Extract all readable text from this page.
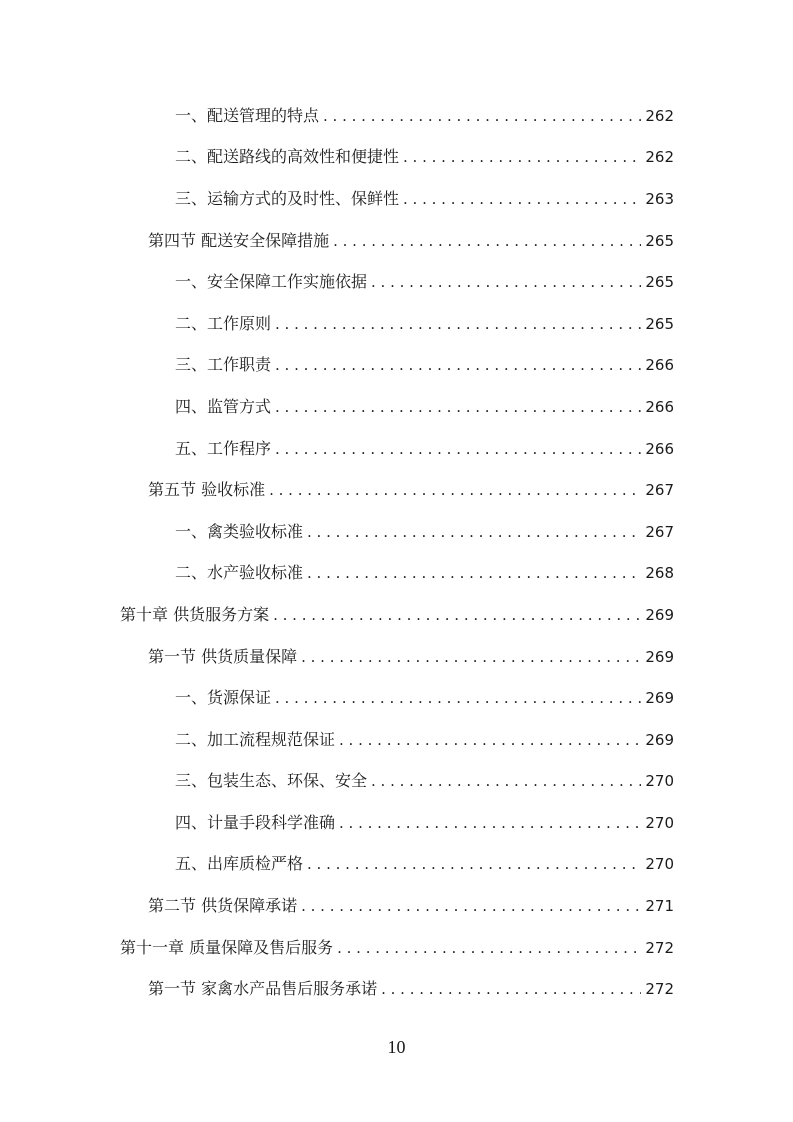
一、配送管理的特点 . . .	262
二、配送路线的高效性和便捷性 . . .	262
三、运输方式的及时性、保鲜性 . . .	263
第四节 配送安全保障措施 . . .	265
一、安全保障工作实施依据 . . .	265
二、工作原则 . . .	265
三、工作职责 . . .	266
四、监管方式 . . .	266
五、工作程序 . . .	266
第五节 验收标准 . . .	267
一、禽类验收标准 . . .	267
二、水产验收标准 . . .	268
第十章 供货服务方案 . . .	269
第一节 供货质量保障 . . .	269
一、货源保证 . . .	269
二、加工流程规范保证 . . .	269
三、包装生态、环保、安全 . . .	270
四、计量手段科学准确 . . .	270
五、出库质检严格 . . .	270
第二节 供货保障承诺 . . .	271
第十一章 质量保障及售后服务 . . .	272
第一节 家禽水产品售后服务承诺 . . .	272
10
